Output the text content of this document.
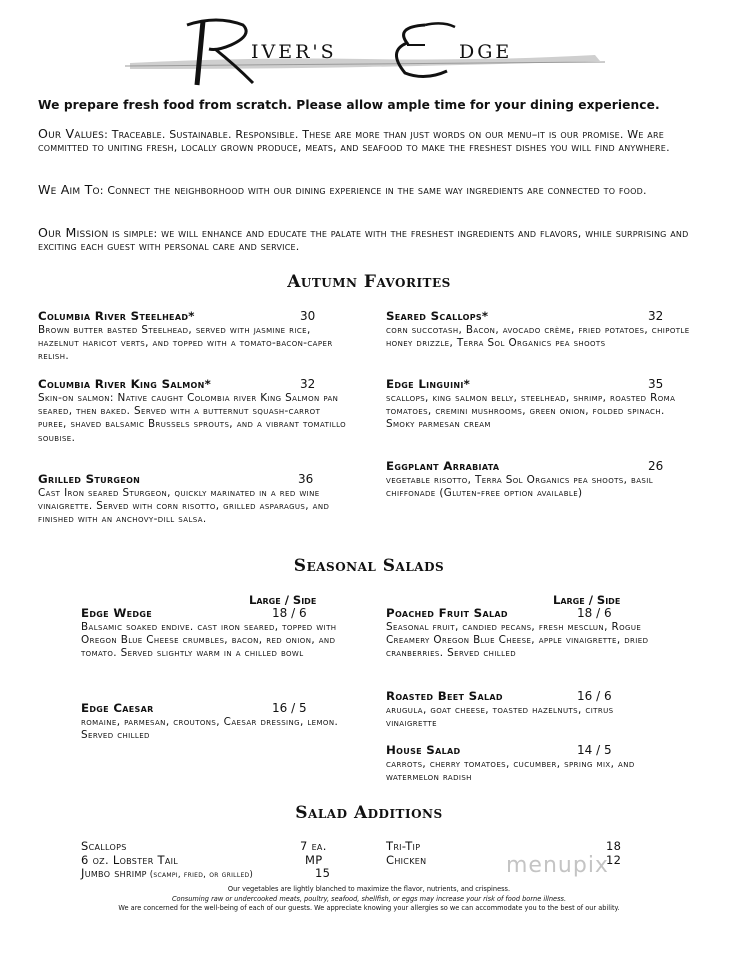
IVER'S	DGE
We prepare fresh food from scratch. Please allow ample time for your dining experience.
Our Values: Traceable. Sustainable. Responsible. These are more than just words on our menu–it is our promise. We are committed to uniting fresh, locally grown produce, meats, and seafood to make the freshest dishes you will find anywhere.
We Aim To: Connect the neighborhood with our dining experience in the same way ingredients are connected to food.
Our Mission is simple: we will enhance and educate the palate with the freshest ingredients and flavors, while surprising and exciting each guest with personal care and service.
Autumn Favorites
Columbia River Steelhead*	30
Brown butter basted Steelhead, served with jasmine rice, hazelnut haricot verts, and topped with a tomato-bacon-caper relish.
Columbia River King Salmon*	32
Skin-on salmon: Native caught Colombia river King Salmon pan seared, then baked. Served with a butternut squash-carrot puree, shaved balsamic Brussels sprouts, and a vibrant tomatillo soubise.
Grilled Sturgeon	36
Cast Iron seared Sturgeon, quickly marinated in a red wine vinaigrette. Served with corn risotto, grilled asparagus, and finished with an anchovy-dill salsa.
Seared Scallops*	32
corn succotash, Bacon, avocado crème, fried potatoes, chipotle honey drizzle, Terra Sol Organics pea shoots
Edge Linguini*	35
scallops, king salmon belly, steelhead, shrimp, roasted Roma tomatoes, cremini mushrooms, green onion, folded spinach. Smoky parmesan cream
Eggplant Arrabiata	26
vegetable risotto, Terra Sol Organics pea shoots, basil chiffonade (Gluten-free option available)
Seasonal Salads
Large / Side	Large / Side
Edge Wedge	18 / 6
Balsamic soaked endive. cast iron seared, topped with Oregon Blue Cheese crumbles, bacon, red onion, and tomato. Served slightly warm in a chilled bowl
Edge Caesar	16 / 5
romaine, parmesan, croutons, Caesar dressing, lemon. Served chilled
Poached Fruit Salad	18 / 6
Seasonal fruit, candied pecans, fresh mesclun, Rogue Creamery Oregon Blue Cheese, apple vinaigrette, dried cranberries. Served chilled
Roasted Beet Salad	16 / 6
arugula, goat cheese, toasted hazelnuts, citrus vinaigrette
House Salad	14 / 5
carrots, cherry tomatoes, cucumber, spring mix, and watermelon radish
Salad Additions
Scallops	7 ea.
6 oz. Lobster Tail	MP
Jumbo shrimp (scampi, fried, or grilled)	15
Tri-Tip	18
Chicken	12
menupix
Our vegetables are lightly blanched to maximize the flavor, nutrients, and crispiness.
Consuming raw or undercooked meats, poultry, seafood, shellfish, or eggs may increase your risk of food borne illness.
We are concerned for the well-being of each of our guests. We appreciate knowing your allergies so we can accommodate you to the best of our ability.
